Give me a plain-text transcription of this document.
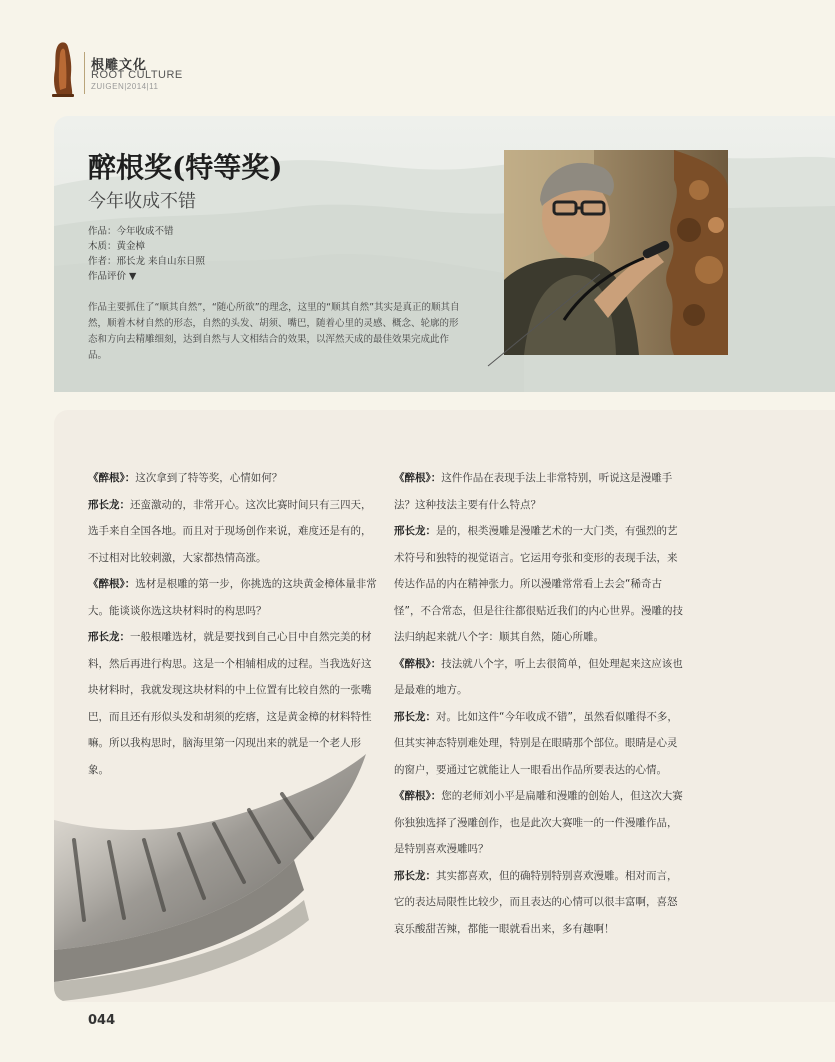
根雕文化
ROOT CULTURE
ZUIGEN|2014|11
醉根奖(特等奖)
今年收成不错
作品：今年收成不错
木质：黄金樟
作者：邢长龙 来自山东日照
作品评价 ▼
作品主要抓住了“顺其自然”，“随心所欲”的理念，这里的“顺其自然”其实是真正的顺其自然，顺着木材自然的形态，自然的头发、胡须、嘴巴，随着心里的灵感、概念、轮廓的形态和方向去精雕细刻，达到自然与人文相结合的效果，以浑然天成的最佳效果完成此作品。

《醉根》：这次拿到了特等奖，心情如何？

邢长龙：还蛮激动的，非常开心。这次比赛时间只有三四天，选手来自全国各地。而且对于现场创作来说，难度还是有的，不过相对比较刺激，大家都热情高涨。

《醉根》：选材是根雕的第一步，你挑选的这块黄金樟体量非常大。能谈谈你选这块材料时的构思吗？

邢长龙：一般根雕选材，就是要找到自己心目中自然完美的材料，然后再进行构思。这是一个相辅相成的过程。当我选好这块材料时，我就发现这块材料的中上位置有比较自然的一张嘴巴，而且还有形似头发和胡须的疙瘩，这是黄金樟的材料特性嘛。所以我构思时，脑海里第一闪现出来的就是一个老人形象。

《醉根》：这件作品在表现手法上非常特别，听说这是漫雕手法？这种技法主要有什么特点？

邢长龙：是的，根类漫雕是漫雕艺术的一大门类，有强烈的艺术符号和独特的视觉语言。它运用夸张和变形的表现手法，来传达作品的内在精神张力。所以漫雕常常看上去会“稀奇古怪”，不合常态，但是往往都很贴近我们的内心世界。漫雕的技法归纳起来就八个字：顺其自然，随心所雕。

《醉根》：技法就八个字，听上去很简单，但处理起来这应该也是最难的地方。

邢长龙：对。比如这件“今年收成不错”，虽然看似雕得不多，但其实神态特别难处理，特别是在眼睛那个部位。眼睛是心灵的窗户，要通过它就能让人一眼看出作品所要表达的心情。

《醉根》：您的老师刘小平是扁雕和漫雕的创始人，但这次大赛你独独选择了漫雕创作，也是此次大赛唯一的一件漫雕作品，是特别喜欢漫雕吗？

邢长龙：其实都喜欢，但的确特别特别喜欢漫雕。相对而言，它的表达局限性比较少，而且表达的心情可以很丰富啊，喜怒哀乐酸甜苦辣，都能一眼就看出来，多有趣啊！

044
